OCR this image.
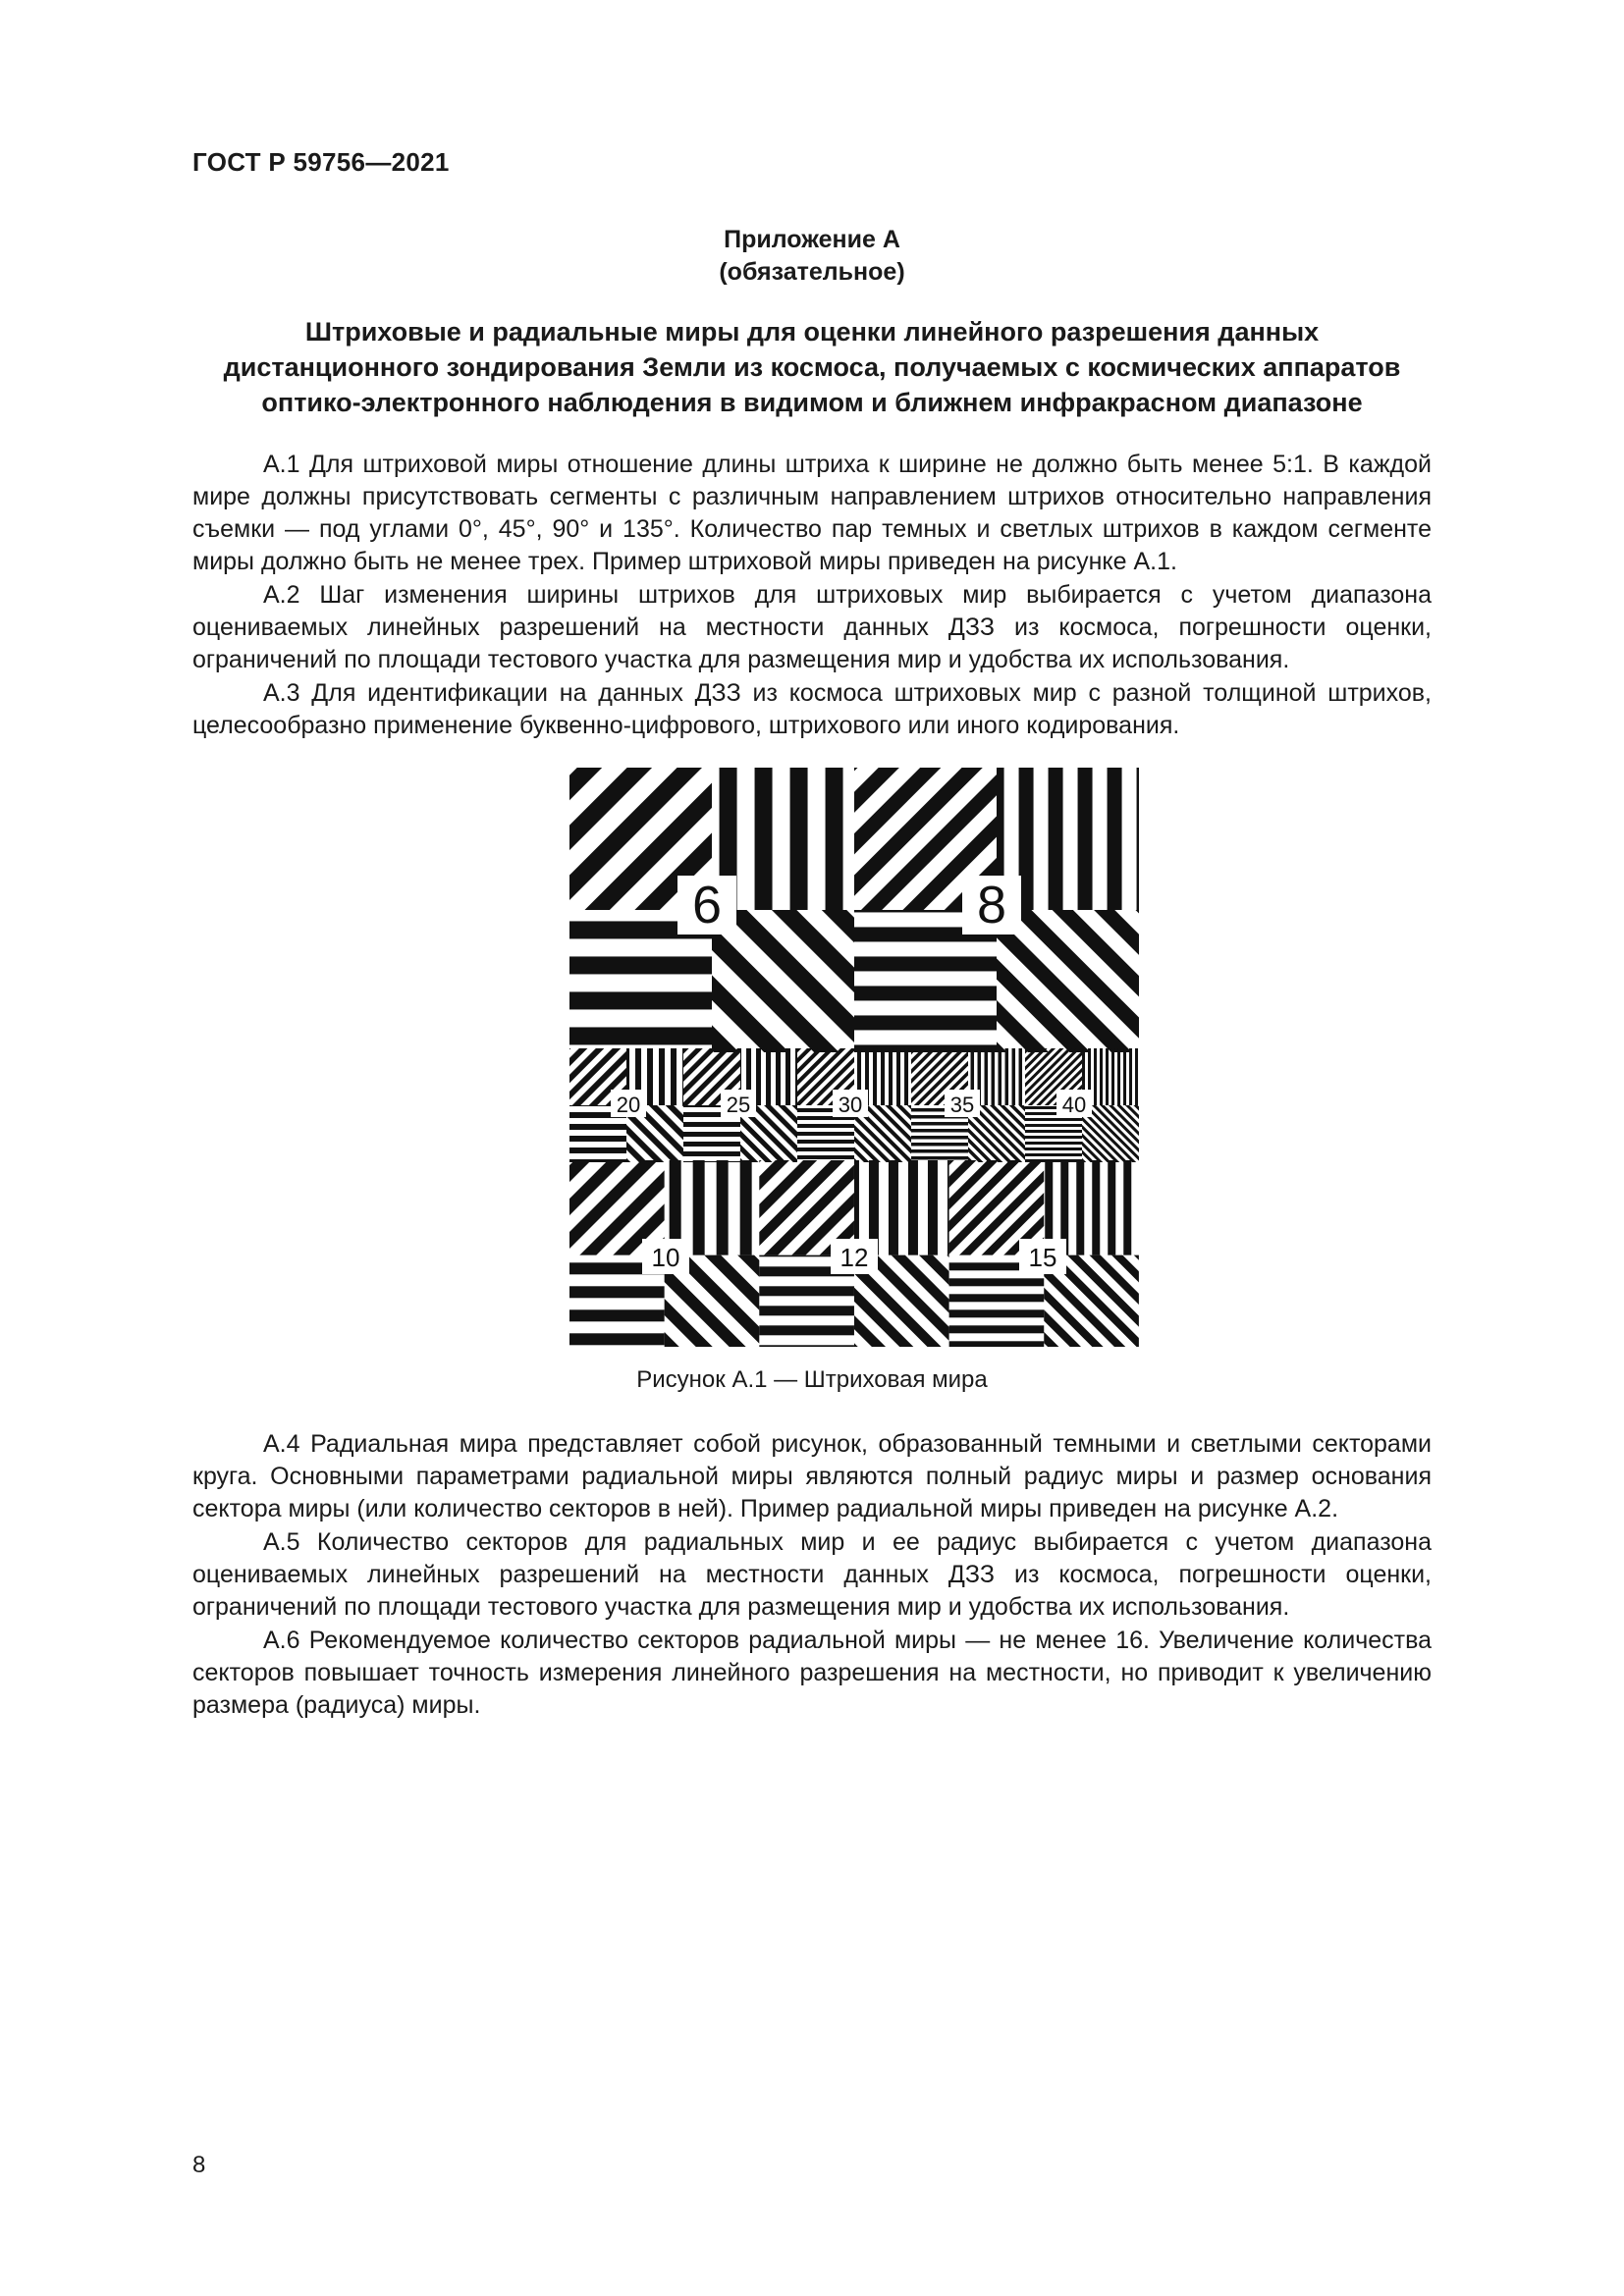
ГОСТ Р 59756—2021
Приложение А
(обязательное)
Штриховые и радиальные миры для оценки линейного разрешения данных
дистанционного зондирования Земли из космоса, получаемых с космических аппаратов
оптико-электронного наблюдения в видимом и ближнем инфракрасном диапазоне

А.1 Для штриховой миры отношение длины штриха к ширине не должно быть менее 5:1. В каждой мире должны присутствовать сегменты с различным направлением штрихов относительно направления съемки — под углами 0°, 45°, 90° и 135°. Количество пар темных и светлых штрихов в каждом сегменте миры должно быть не менее трех. Пример штриховой миры приведен на рисунке А.1.

А.2 Шаг изменения ширины штрихов для штриховых мир выбирается с учетом диапазона оцениваемых линейных разрешений на местности данных ДЗЗ из космоса, погрешности оценки, ограничений по площади тестового участка для размещения мир и удобства их использования.

А.3 Для идентификации на данных ДЗЗ из космоса штриховых мир с разной толщиной штрихов, целесообразно применение буквенно-цифрового, штрихового или иного кодирования.

6	8
20	25	30	35	40
10	12	15
Рисунок А.1 — Штриховая мира

А.4 Радиальная мира представляет собой рисунок, образованный темными и светлыми секторами круга. Основными параметрами радиальной миры являются полный радиус миры и размер основания сектора миры (или количество секторов в ней). Пример радиальной миры приведен на рисунке А.2.

А.5 Количество секторов для радиальных мир и ее радиус выбирается с учетом диапазона оцениваемых линейных разрешений на местности данных ДЗЗ из космоса, погрешности оценки, ограничений по площади тестового участка для размещения мир и удобства их использования.

А.6 Рекомендуемое количество секторов радиальной миры — не менее 16. Увеличение количества секторов повышает точность измерения линейного разрешения на местности, но приводит к увеличению размера (радиуса) миры.

8
